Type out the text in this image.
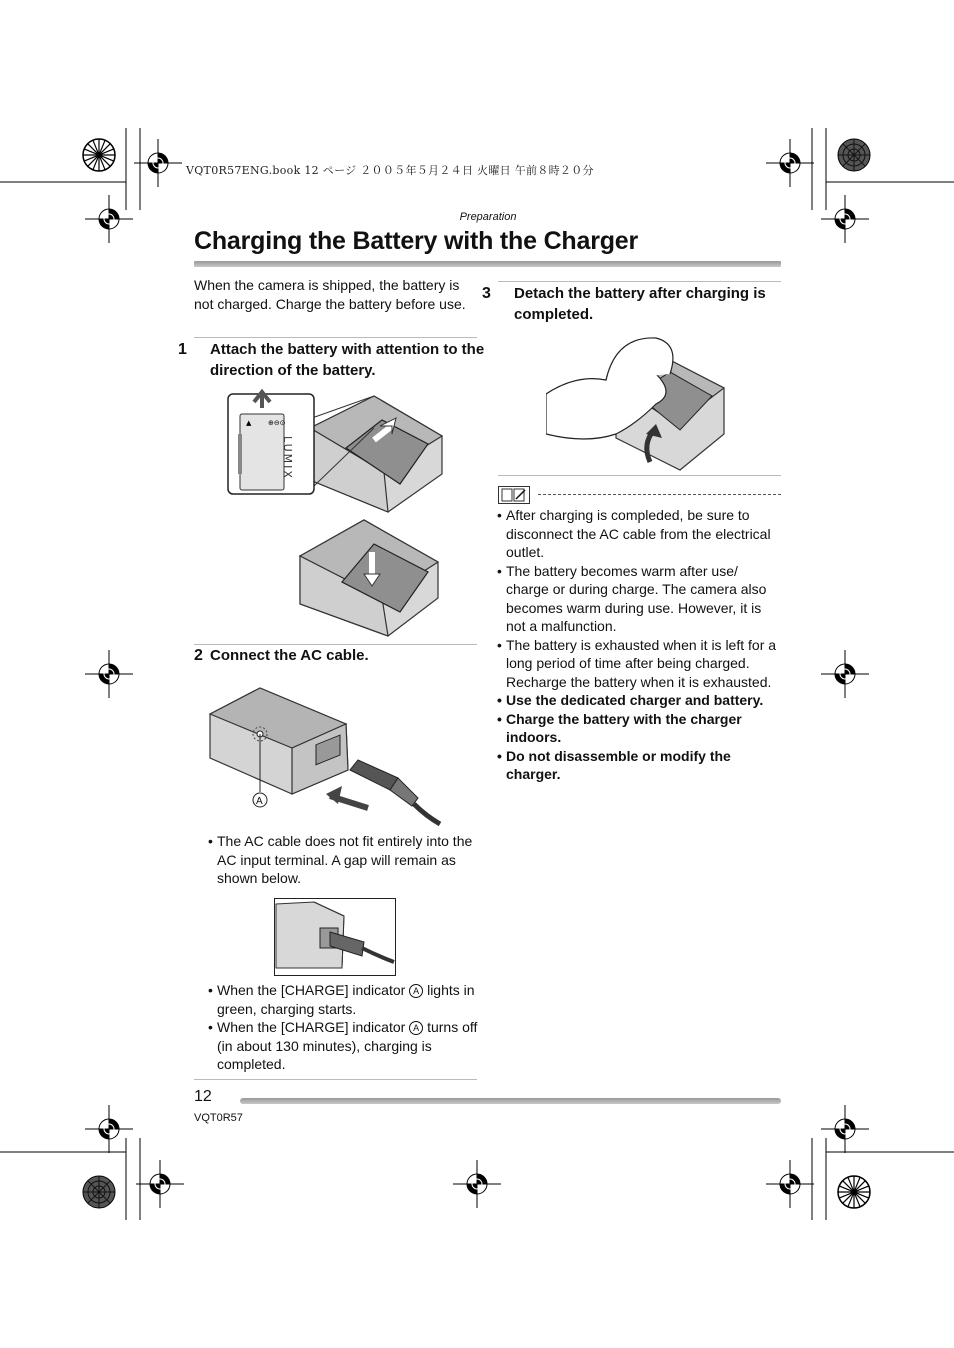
VQT0R57ENG.book 12 ページ ２００５年５月２４日 火曜日 午前８時２０分
Preparation
Charging the Battery with the Charger
When the camera is shipped, the battery is not charged. Charge the battery before use.
1 Attach the battery with attention to the direction of the battery.
▲ ⊕⊖⊙
LUMIX
2 Connect the AC cable.
A
• The AC cable does not fit entirely into the AC input terminal. A gap will remain as shown below.
• When the [CHARGE] indicator A lights in green, charging starts.
• When the [CHARGE] indicator A turns off (in about 130 minutes), charging is completed.
3 Detach the battery after charging is completed.
• After charging is compleded, be sure to disconnect the AC cable from the electrical outlet.
• The battery becomes warm after use/ charge or during charge. The camera also becomes warm during use. However, it is not a malfunction.
• The battery is exhausted when it is left for a long period of time after being charged. Recharge the battery when it is exhausted.
• Use the dedicated charger and battery.
• Charge the battery with the charger indoors.
• Do not disassemble or modify the charger.
12
VQT0R57
